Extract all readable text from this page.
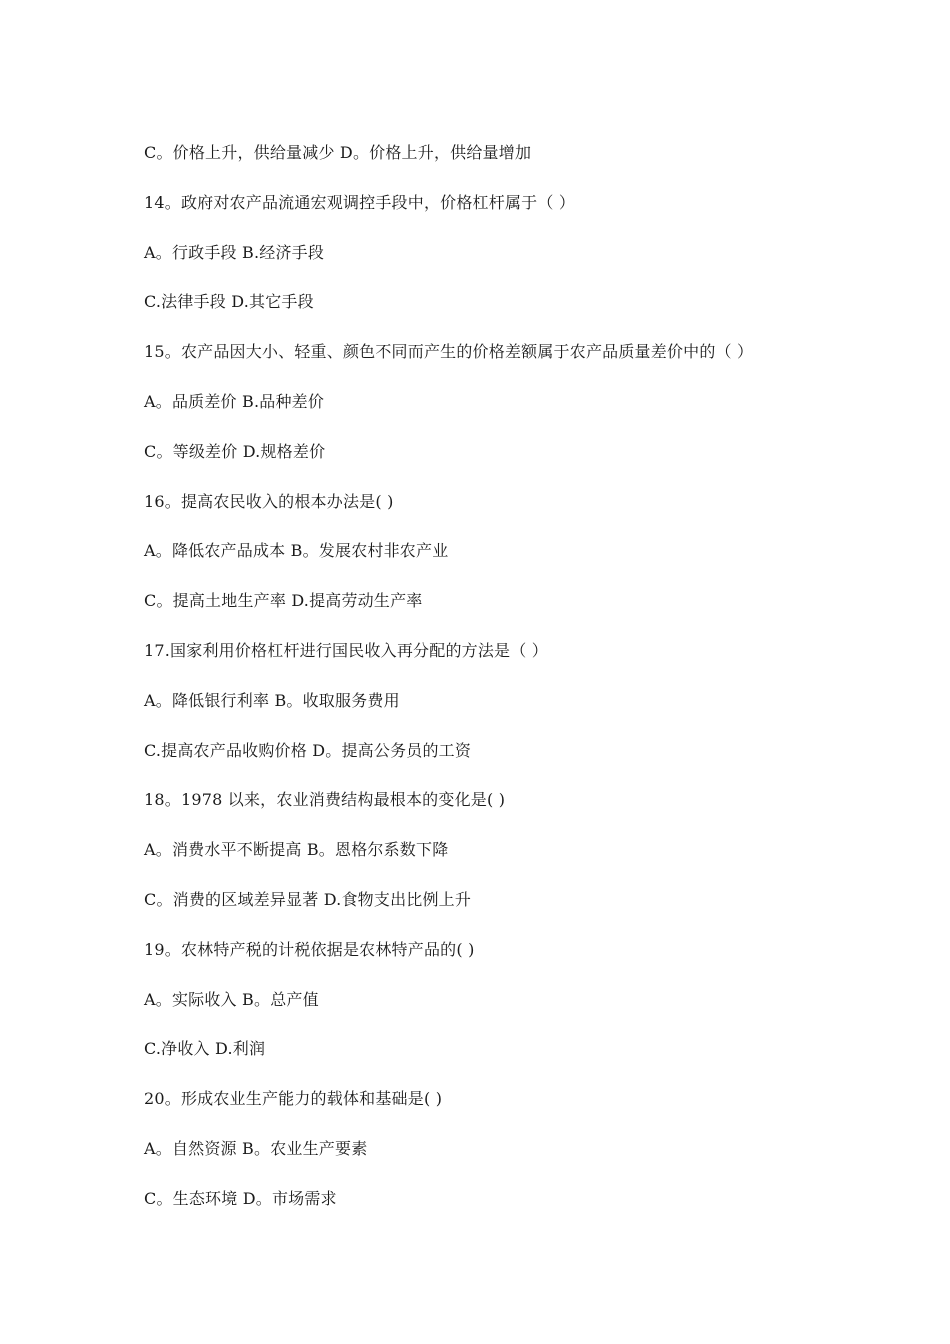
C。价格上升，供给量减少 D。价格上升，供给量增加
14。政府对农产品流通宏观调控手段中，价格杠杆属于（ ）
A。行政手段 B.经济手段
C.法律手段 D.其它手段
15。农产品因大小、轻重、颜色不同而产生的价格差额属于农产品质量差价中的（ ）
A。品质差价 B.品种差价
C。等级差价 D.规格差价
16。提高农民收入的根本办法是( )
A。降低农产品成本 B。发展农村非农产业
C。提高土地生产率 D.提高劳动生产率
17.国家利用价格杠杆进行国民收入再分配的方法是（ ）
A。降低银行利率 B。收取服务费用
C.提高农产品收购价格 D。提高公务员的工资
18。1978 以来，农业消费结构最根本的变化是( )
A。消费水平不断提高 B。恩格尔系数下降
C。消费的区域差异显著 D.食物支出比例上升
19。农林特产税的计税依据是农林特产品的( )
A。实际收入 B。总产值
C.净收入 D.利润
20。形成农业生产能力的载体和基础是( )
A。自然资源 B。农业生产要素
C。生态环境 D。市场需求
